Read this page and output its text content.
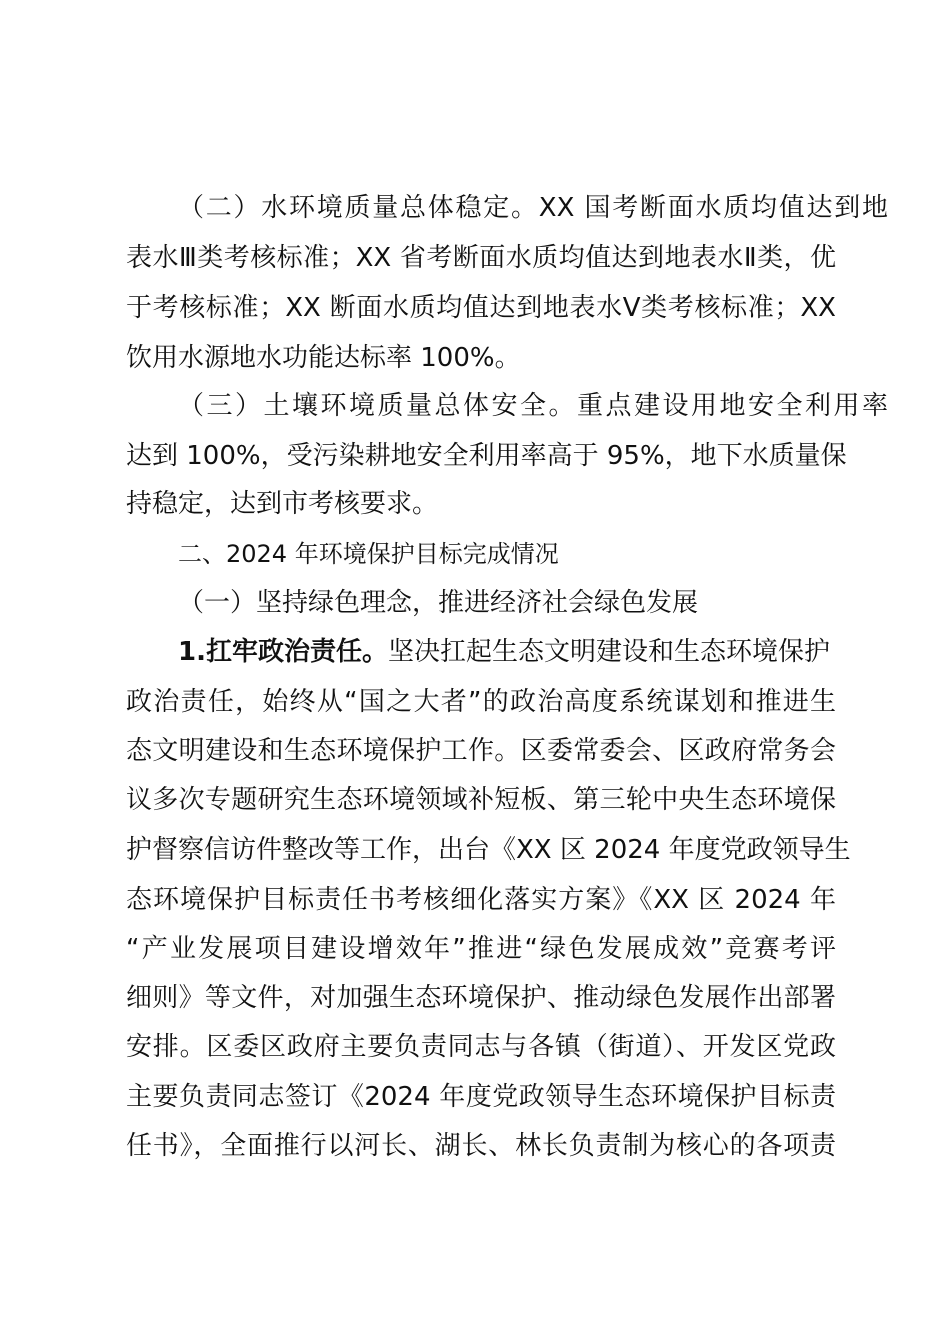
（二）水环境质量总体稳定。XX 国考断面水质均值达到地
表水Ⅲ类考核标准；XX 省考断面水质均值达到地表水Ⅱ类，优
于考核标准；XX 断面水质均值达到地表水Ⅴ类考核标准；XX
饮用水源地水功能达标率 100%。
（三）土壤环境质量总体安全。重点建设用地安全利用率
达到 100%，受污染耕地安全利用率高于 95%，地下水质量保
持稳定，达到市考核要求。
二、2024 年环境保护目标完成情况
（一）坚持绿色理念，推进经济社会绿色发展
1.扛牢政治责任。坚决扛起生态文明建设和生态环境保护
政治责任，始终从“国之大者”的政治高度系统谋划和推进生
态文明建设和生态环境保护工作。区委常委会、区政府常务会
议多次专题研究生态环境领域补短板、第三轮中央生态环境保
护督察信访件整改等工作，出台《XX 区 2024 年度党政领导生
态环境保护目标责任书考核细化落实方案》《XX 区 2024 年
“产业发展项目建设增效年”推进“绿色发展成效”竞赛考评
细则》等文件，对加强生态环境保护、推动绿色发展作出部署
安排。区委区政府主要负责同志与各镇（街道）、开发区党政
主要负责同志签订《2024 年度党政领导生态环境保护目标责
任书》，全面推行以河长、湖长、林长负责制为核心的各项责
